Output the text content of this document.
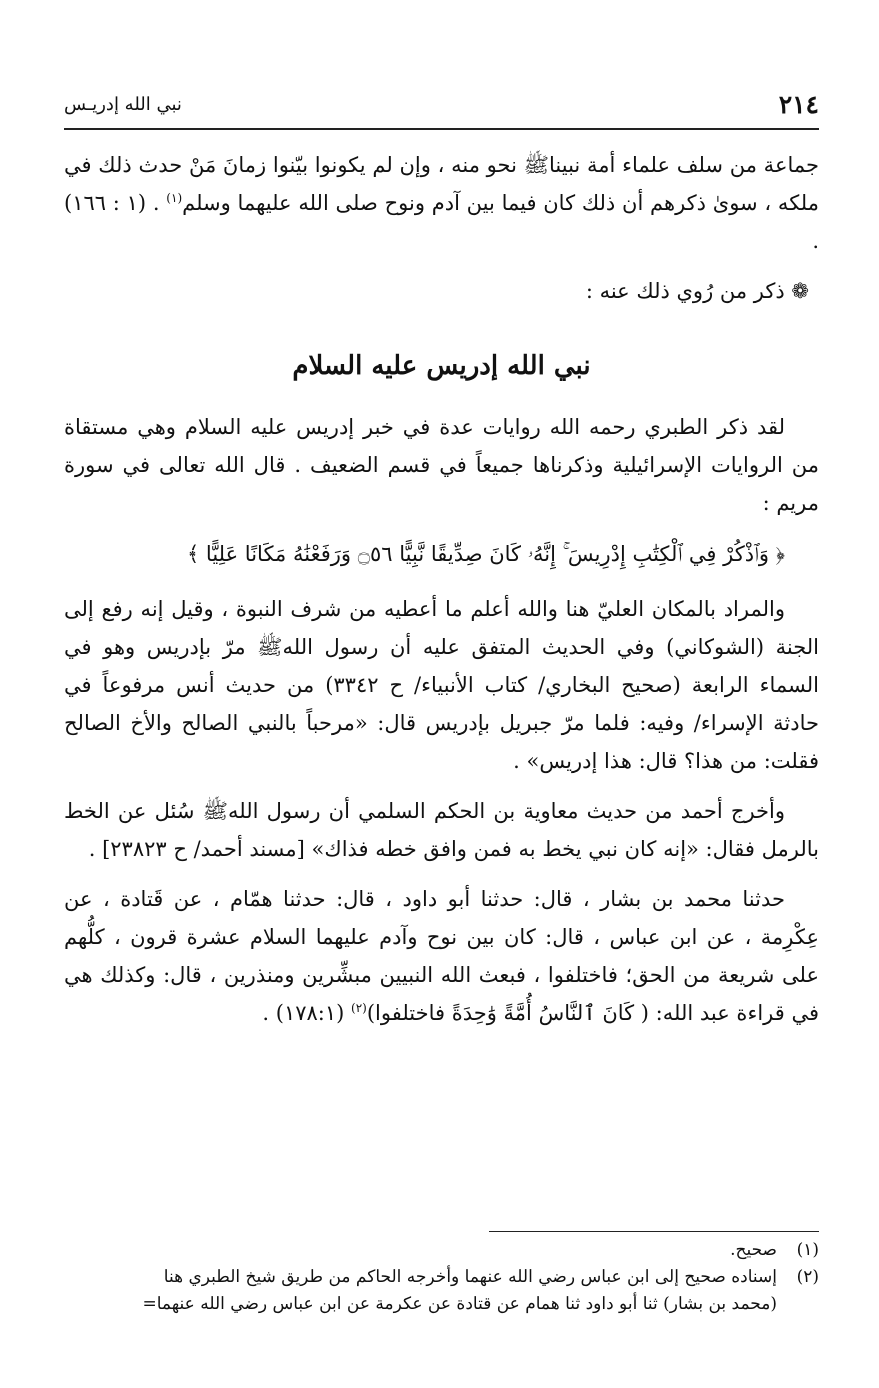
٢١٤
نبي الله إدريـس

جماعة من سلف علماء أمة نبيناﷺ نحو منه ، وإن لم يكونوا بيّنوا زمانَ مَنْ حدث ذلك في ملكه ، سوىٰ ذكرهم أن ذلك كان فيما بين آدم ونوح صلى الله عليهما وسلم$^{(١)}$ . (١ : ١٦٦) .

❁ ذكر من رُوي ذلك عنه :

نبي الله إدريس عليه السلام

لقد ذكر الطبري رحمه الله روايات عدة في خبر إدريس عليه السلام وهي مستقاة من الروايات الإسرائيلية وذكرناها جميعاً في قسم الضعيف . قال الله تعالى في سورة مريم :

﴿ وَٱذْكُرْ فِي ٱلْكِتَٰبِ إِدْرِيسَ ۚ إِنَّهُۥ كَانَ صِدِّيقًا نَّبِيًّا ۝٥٦ وَرَفَعْنَٰهُ مَكَانًا عَلِيًّا ﴾

والمراد بالمكان العليّ هنا والله أعلم ما أعطيه من شرف النبوة ، وقيل إنه رفع إلى الجنة (الشوكاني) وفي الحديث المتفق عليه أن رسول اللهﷺ مرّ بإدريس وهو في السماء الرابعة (صحيح البخاري/ كتاب الأنبياء/ ح ٣٣٤٢) من حديث أنس مرفوعاً في حادثة الإسراء/ وفيه: فلما مرّ جبريل بإدريس قال: «مرحباً بالنبي الصالح والأخ الصالح فقلت: من هذا؟ قال: هذا إدريس» .

وأخرج أحمد من حديث معاوية بن الحكم السلمي أن رسول اللهﷺ سُئل عن الخط بالرمل فقال: «إنه كان نبي يخط به فمن وافق خطه فذاك» [مسند أحمد/ ح ٢٣٨٢٣] .

حدثنا محمد بن بشار ، قال: حدثنا أبو داود ، قال: حدثنا همّام ، عن قَتادة ، عن عِكْرِمة ، عن ابن عباس ، قال: كان بين نوح وآدم عليهما السلام عشرة قرون ، كلُّهم على شريعة من الحق؛ فاختلفوا ، فبعث الله النبيين مبشِّرين ومنذرين ، قال: وكذلك هي في قراءة عبد الله: ( كَانَ ٱلنَّاسُ أُمَّةً وَٰحِدَةً فاختلفوا)$^{(٢)}$ (١٧٨:١) .

(١)
صحيح.
(٢)
إسناده صحيح إلى ابن عباس رضي الله عنهما وأخرجه الحاكم من طريق شيخ الطبري هنا
(محمد بن بشار) ثنا أبو داود ثنا همام عن قتادة عن عكرمة عن ابن عباس رضي الله عنهما=
